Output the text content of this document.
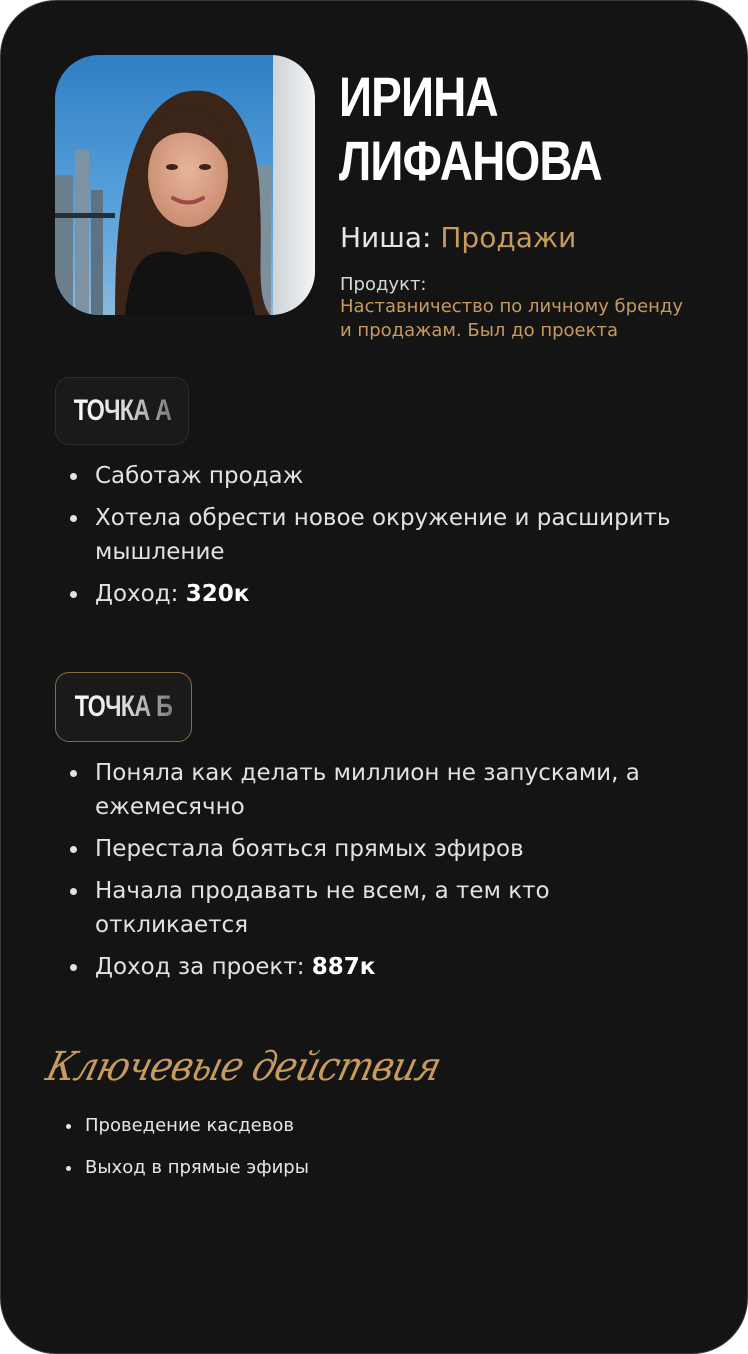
ИРИНА
ЛИФАНОВА
Ниша: Продажи
Продукт:
Наставничество по личному бренду и продажам. Был до проекта
ТОЧКА А
Саботаж продаж
Хотела обрести новое окружение и расширить мышление
Доход: 320к
ТОЧКА Б
Поняла как делать миллион не запусками, а ежемесячно
Перестала бояться прямых эфиров
Начала продавать не всем, а тем кто откликается
Доход за проект: 887к
Ключевые действия
Проведение касдевов
Выход в прямые эфиры
